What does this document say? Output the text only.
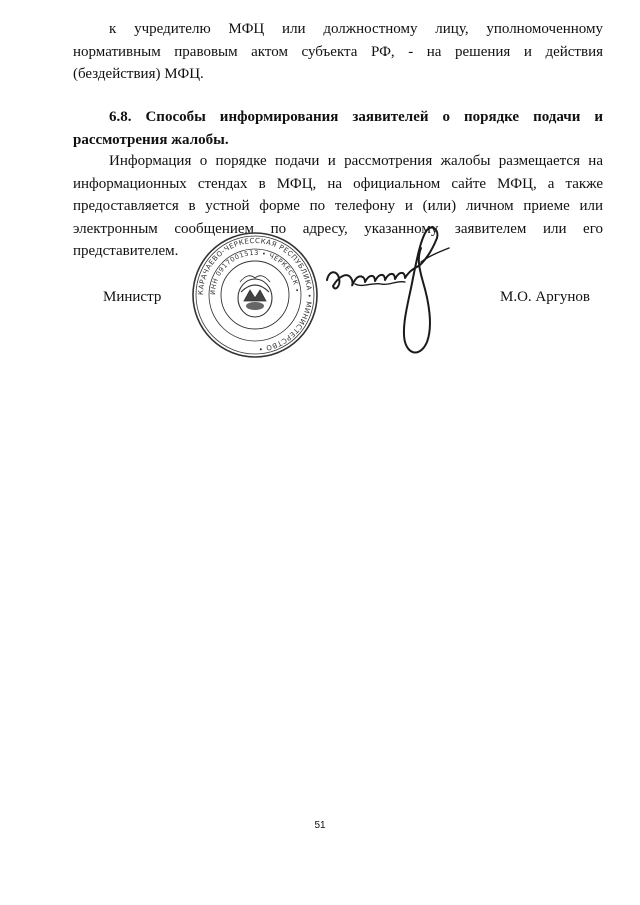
к учредителю МФЦ или должностному лицу, уполномоченному нормативным правовым актом субъекта РФ, - на решения и действия (бездействия) МФЦ.

6.8. Способы информирования заявителей о порядке подачи и рассмотрения жалобы.

Информация о порядке подачи и рассмотрения жалобы размещается на информационных стендах в МФЦ, на официальном сайте МФЦ, а также предоставляется в устной форме по телефону и (или) личном приеме или электронным сообщением по адресу, указанному заявителем или его представителем.

Министр	КАРАЧАЕВО-ЧЕРКЕССКАЯ РЕСПУБЛИКА • МИНИСТЕРСТВО •
ИНН 0917001513 • ЧЕРКЕССК •	М.О. Аргунов
51
